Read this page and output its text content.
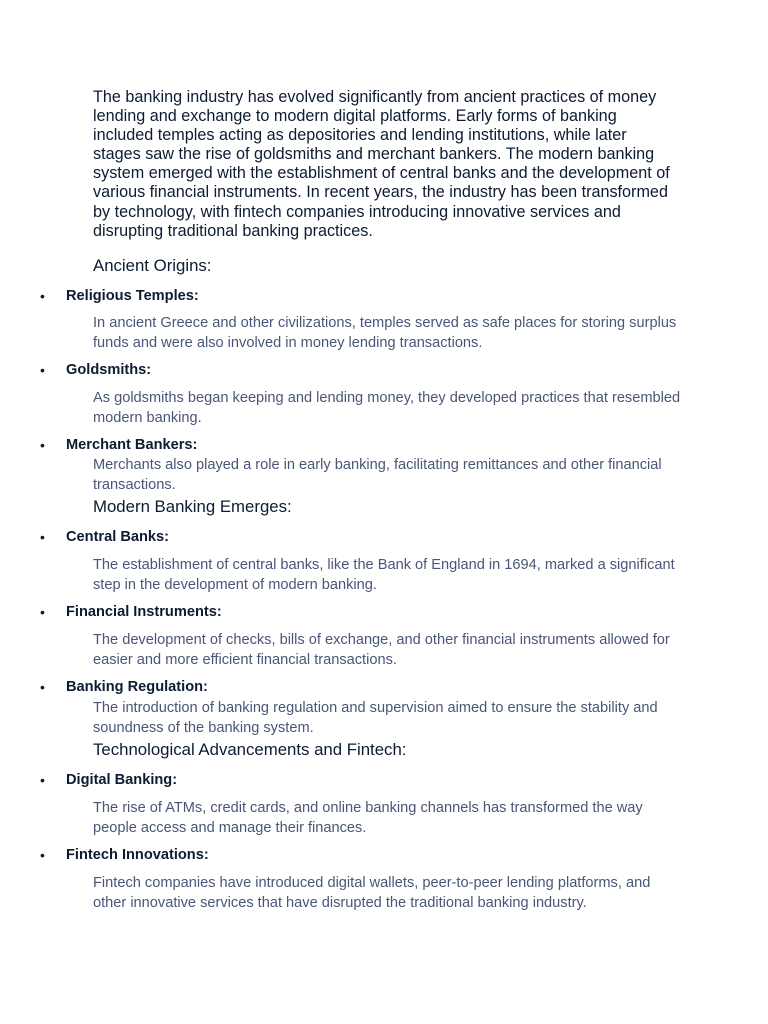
The banking industry has evolved significantly from ancient practices of money lending and exchange to modern digital platforms. Early forms of banking included temples acting as depositories and lending institutions, while later stages saw the rise of goldsmiths and merchant bankers. The modern banking system emerged with the establishment of central banks and the development of various financial instruments. In recent years, the industry has been transformed by technology, with fintech companies introducing innovative services and disrupting traditional banking practices.

Ancient Origins:
• Religious Temples:

In ancient Greece and other civilizations, temples served as safe places for storing surplus funds and were also involved in money lending transactions.

• Goldsmiths:

As goldsmiths began keeping and lending money, they developed practices that resembled modern banking.

• Merchant Bankers:

Merchants also played a role in early banking, facilitating remittances and other financial transactions.

Modern Banking Emerges:
• Central Banks:

The establishment of central banks, like the Bank of England in 1694, marked a significant step in the development of modern banking.

• Financial Instruments:

The development of checks, bills of exchange, and other financial instruments allowed for easier and more efficient financial transactions.

• Banking Regulation:

The introduction of banking regulation and supervision aimed to ensure the stability and soundness of the banking system.

Technological Advancements and Fintech:
• Digital Banking:

The rise of ATMs, credit cards, and online banking channels has transformed the way people access and manage their finances.

• Fintech Innovations:

Fintech companies have introduced digital wallets, peer-to-peer lending platforms, and other innovative services that have disrupted the traditional banking industry.
